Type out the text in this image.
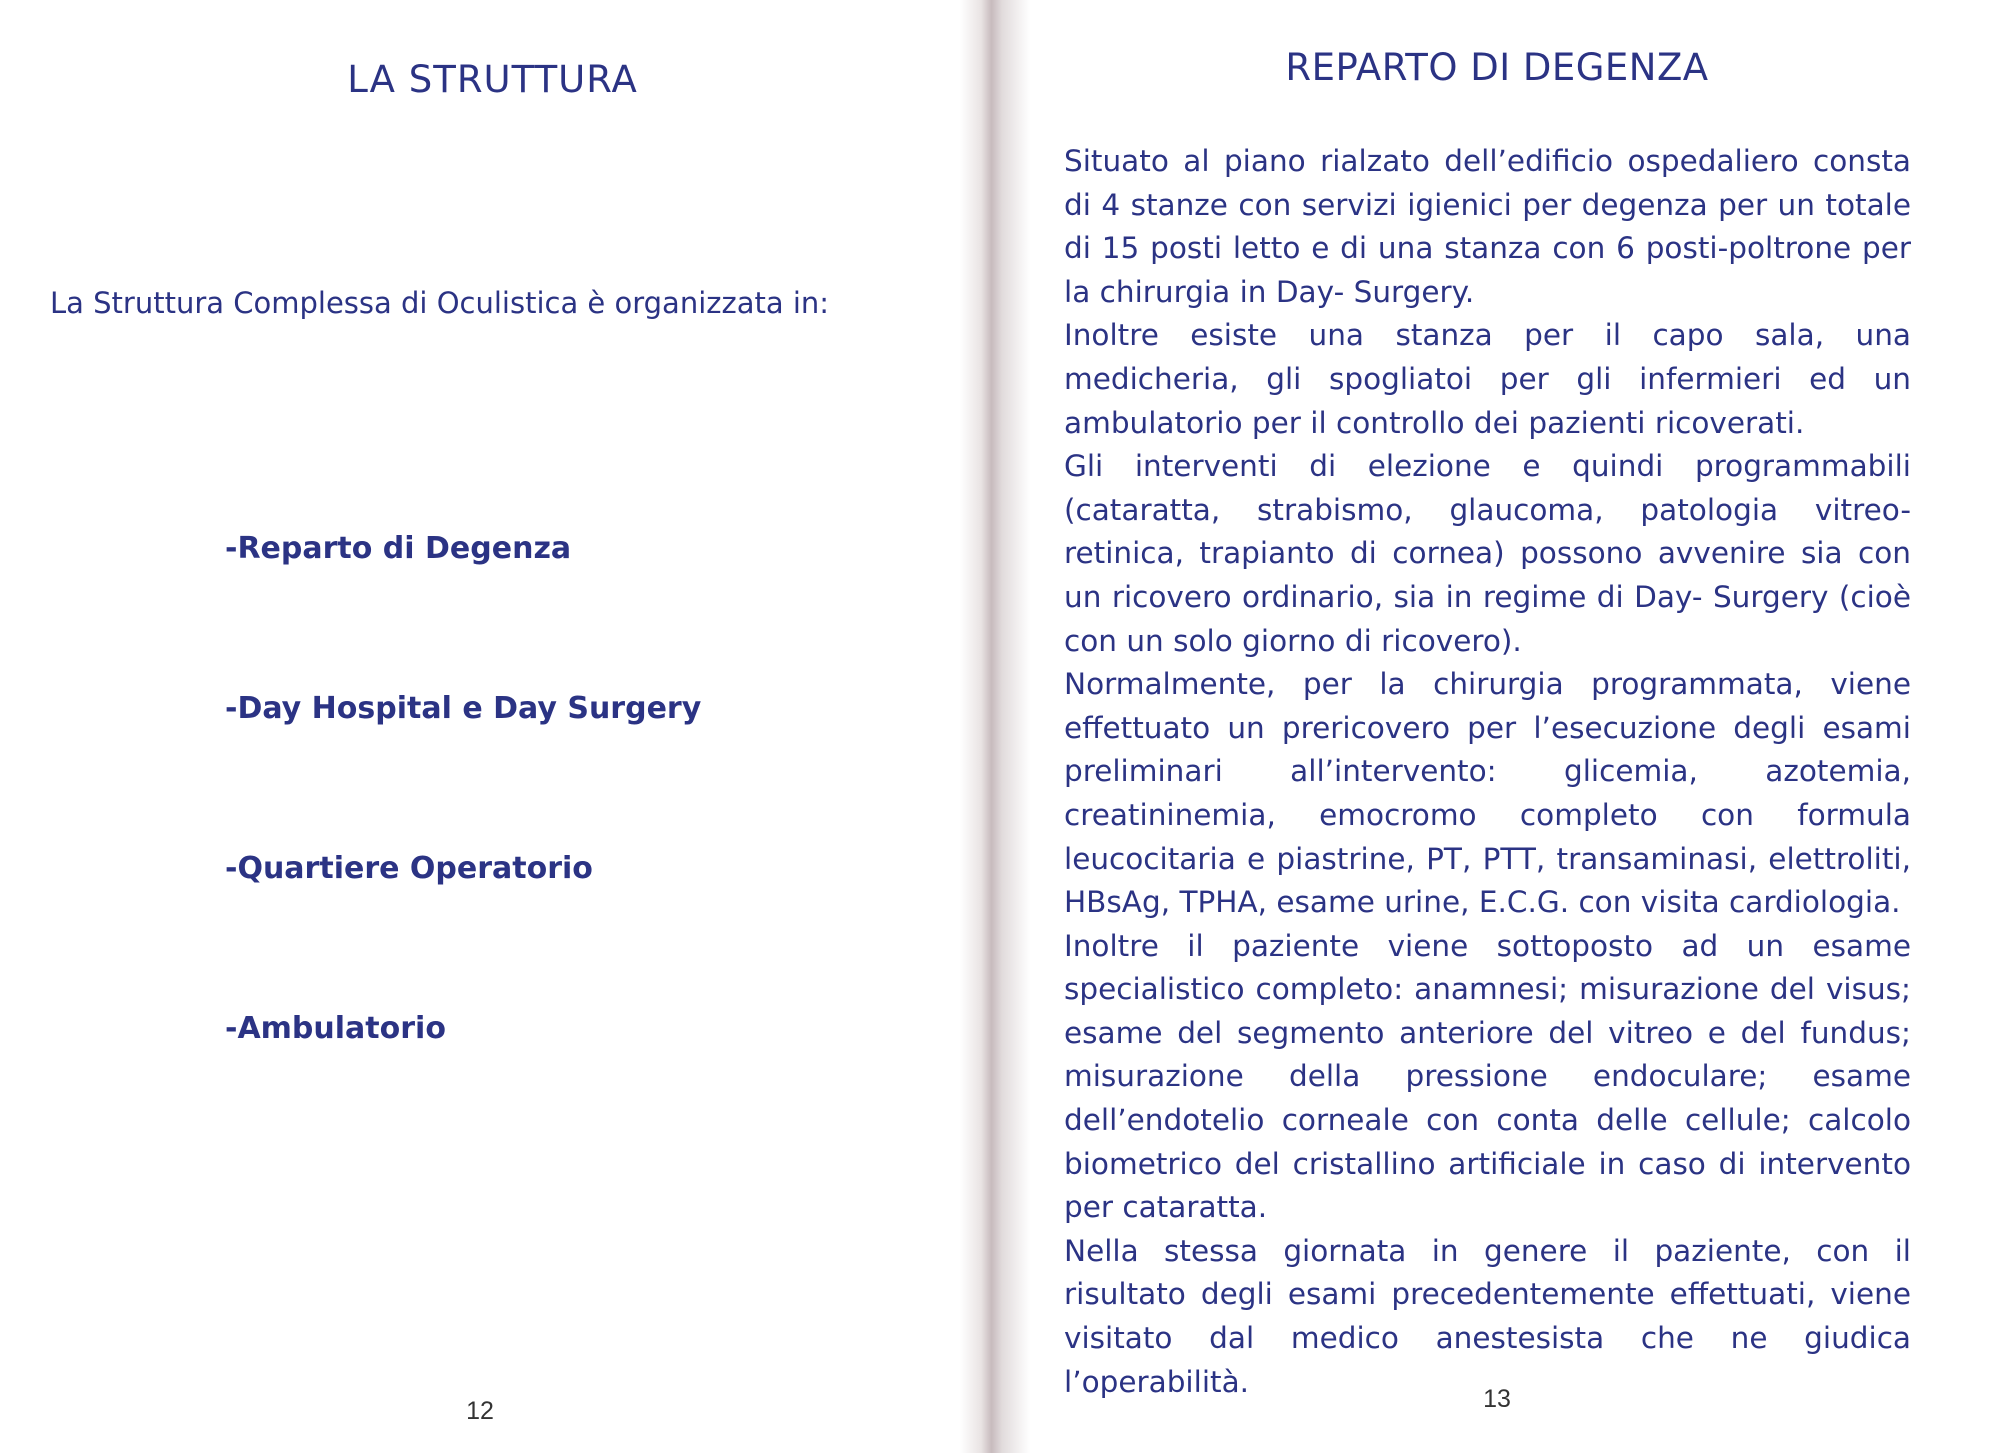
LA STRUTTURA
La Struttura Complessa di Oculistica è organizzata in:
-Reparto di Degenza
-Day Hospital e Day Surgery
-Quartiere Operatorio
-Ambulatorio
12
REPARTO DI DEGENZA

Situato al piano rialzato dell’edificio ospedaliero consta di 4 stanze con servizi igienici per degenza per un totale di 15 posti letto e di una stanza con 6 posti-poltrone per la chirurgia in Day- Surgery.

Inoltre esiste una stanza per il capo sala, una medicheria, gli spogliatoi per gli infermieri ed un ambulatorio per il controllo dei pazienti ricoverati.

Gli interventi di elezione e quindi programmabili (cataratta, strabismo, glaucoma, patologia vitreo-retinica, trapianto di cornea) possono avvenire sia con un ricovero ordinario, sia in regime di Day- Surgery (cioè con un solo giorno di ricovero).

Normalmente, per la chirurgia programmata, viene effettuato un prericovero per l’esecuzione degli esami preliminari all’intervento: glicemia, azotemia, creatininemia, emocromo completo con formula leucocitaria e piastrine, PT, PTT, transaminasi, elettroliti, HBsAg, TPHA, esame urine, E.C.G. con visita cardiologia.

Inoltre il paziente viene sottoposto ad un esame specialistico completo: anamnesi; misurazione del visus; esame del segmento anteriore del vitreo e del fundus; misurazione della pressione endoculare; esame dell’endotelio corneale con conta delle cellule; calcolo biometrico del cristallino artificiale in caso di intervento per cataratta.

Nella stessa giornata in genere il paziente, con il risultato degli esami precedentemente effettuati, viene visitato dal medico anestesista che ne giudica l’operabilità.

13
